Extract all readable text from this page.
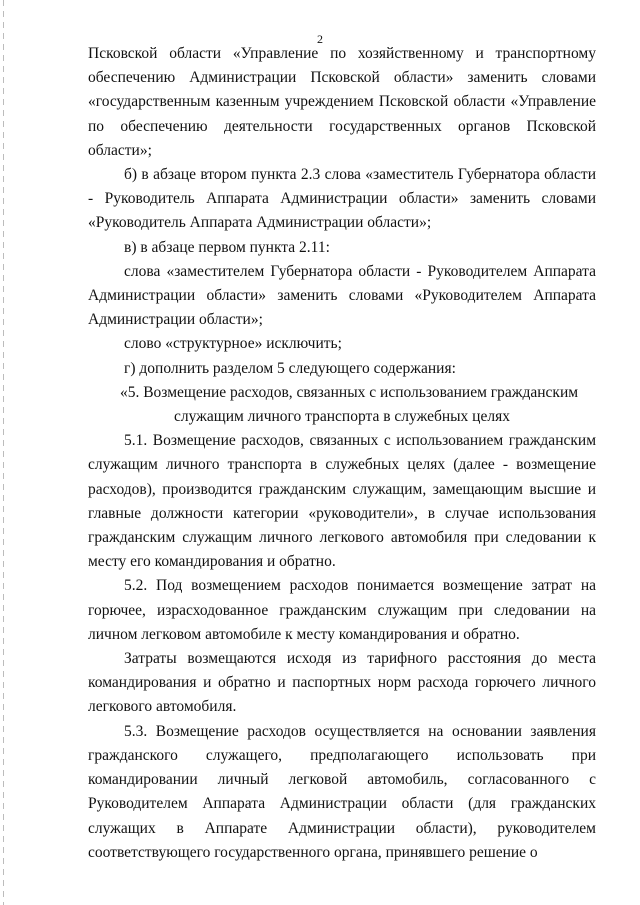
2

Псковской области «Управление по хозяйственному и транспортному обеспечению Администрации Псковской области» заменить словами «государственным казенным учреждением Псковской области «Управление по обеспечению деятельности государственных органов Псковской области»;

б) в абзаце втором пункта 2.3 слова «заместитель Губернатора области - Руководитель Аппарата Администрации области» заменить словами «Руководитель Аппарата Администрации области»;

в) в абзаце первом пункта 2.11:

слова «заместителем Губернатора области - Руководителем Аппарата Администрации области» заменить словами «Руководителем Аппарата Администрации области»;

слово «структурное» исключить;

г) дополнить разделом 5 следующего содержания:

«5. Возмещение расходов, связанных с использованием гражданским

служащим личного транспорта в служебных целях

5.1. Возмещение расходов, связанных с использованием гражданским служащим личного транспорта в служебных целях (далее - возмещение расходов), производится гражданским служащим, замещающим высшие и главные должности категории «руководители», в случае использования гражданским служащим личного легкового автомобиля при следовании к месту его командирования и обратно.

5.2. Под возмещением расходов понимается возмещение затрат на горючее, израсходованное гражданским служащим при следовании на личном легковом автомобиле к месту командирования и обратно.

Затраты возмещаются исходя из тарифного расстояния до места командирования и обратно и паспортных норм расхода горючего личного легкового автомобиля.

5.3. Возмещение расходов осуществляется на основании заявления гражданского служащего, предполагающего использовать при командировании личный легковой автомобиль, согласованного с Руководителем Аппарата Администрации области (для гражданских служащих в Аппарате Администрации области), руководителем соответствующего государственного органа, принявшего решение о
